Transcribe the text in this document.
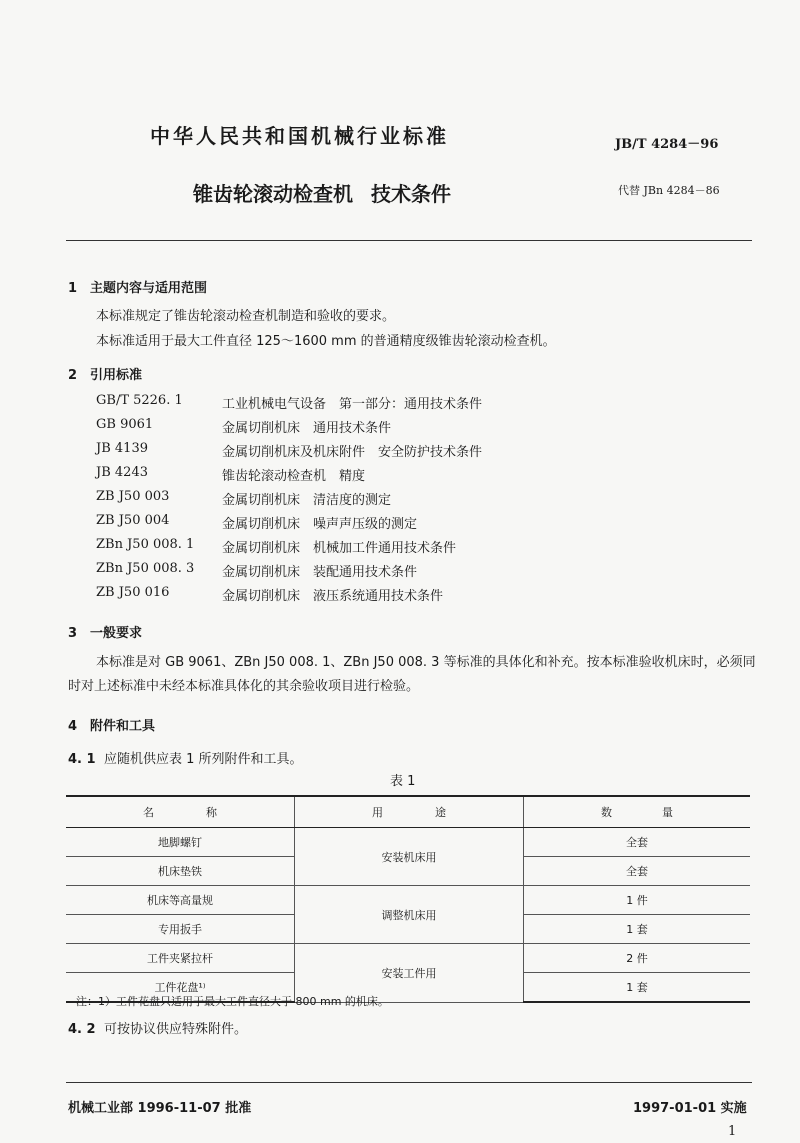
中华人民共和国机械行业标准	JB/T 4284－96
锥齿轮滚动检查机 技术条件	代替 JBn 4284－86
1 主题内容与适用范围
本标准规定了锥齿轮滚动检查机制造和验收的要求。
本标准适用于最大工件直径 125～1600 mm 的普通精度级锥齿轮滚动检查机。
2 引用标准
GB/T 5226. 1	工业机械电气设备　第一部分：通用技术条件
GB 9061	金属切削机床　通用技术条件
JB 4139	金属切削机床及机床附件　安全防护技术条件
JB 4243	锥齿轮滚动检查机　精度
ZB J50 003	金属切削机床　清洁度的测定
ZB J50 004	金属切削机床　噪声声压级的测定
ZBn J50 008. 1	金属切削机床　机械加工件通用技术条件
ZBn J50 008. 3	金属切削机床　装配通用技术条件
ZB J50 016	金属切削机床　液压系统通用技术条件
3 一般要求
本标准是对 GB 9061、ZBn J50 008. 1、ZBn J50 008. 3 等标准的具体化和补充。按本标准验收机床时，必须同时对上述标准中未经本标准具体化的其余验收项目进行检验。
4 附件和工具
4. 1 应随机供应表 1 所列附件和工具。
表 1
名 称	用 途	数 量

地脚螺钉	安装机床用	全套
机床垫铁		全套
机床等高量规	调整机床用	1 件
专用扳手		1 套
工件夹紧拉杆	安装工件用	2 件
工件花盘¹⁾		1 套
注：1）工件花盘只适用于最大工件直径大于 800 mm 的机床。
4. 2 可按协议供应特殊附件。
机械工业部 1996-11-07 批准	1997-01-01 实施
1
